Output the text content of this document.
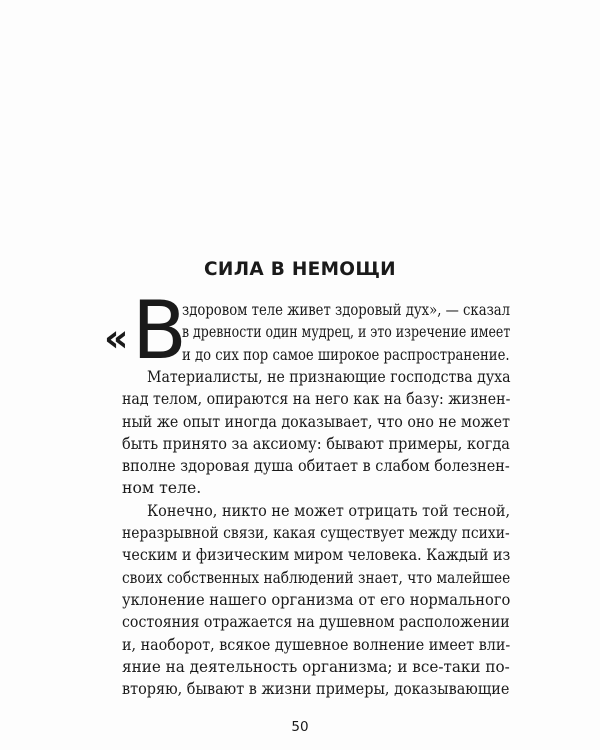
СИЛА В НЕМОЩИ
« В
здоровом теле живет здоровый дух», — сказал
в древности один мудрец, и это изречение имеет
и до сих пор самое широкое распространение.
Материалисты, не признающие господства духа
над телом, опираются на него как на базу: жизнен-
ный же опыт иногда доказывает, что оно не может
быть принято за аксиому: бывают примеры, когда
вполне здоровая душа обитает в слабом болезнен-
ном теле.
Конечно, никто не может отрицать той тесной,
неразрывной связи, какая существует между психи-
ческим и физическим миром человека. Каждый из
своих собственных наблюдений знает, что малейшее
уклонение нашего организма от его нормального
состояния отражается на душевном расположении
и, наоборот, всякое душевное волнение имеет вли-
яние на деятельность организма; и все-таки по-
вторяю, бывают в жизни примеры, доказывающие
50
